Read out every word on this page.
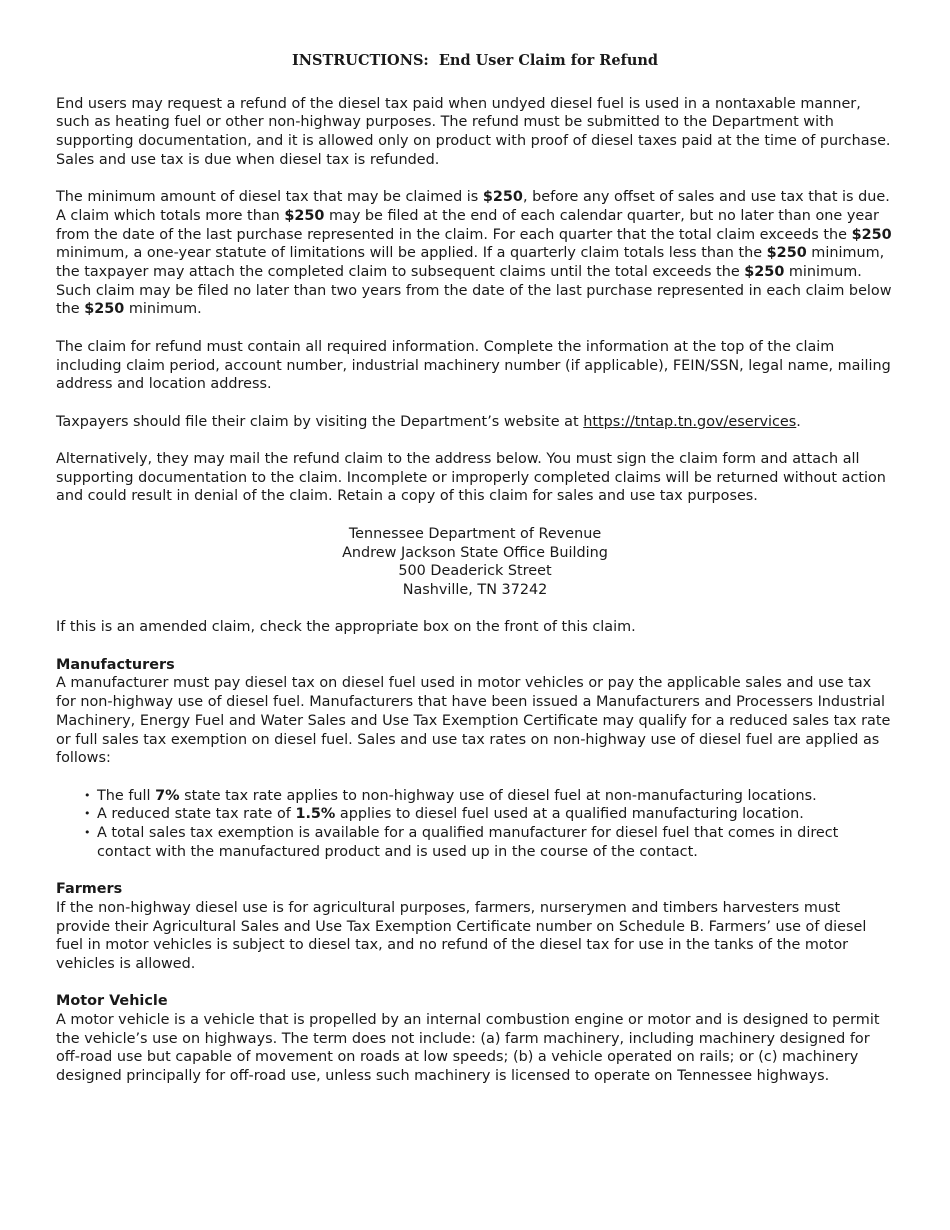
INSTRUCTIONS:  End User Claim for Refund

End users may request a refund of the diesel tax paid when undyed diesel fuel is used in a nontaxable manner, such as heating fuel or other non-highway purposes. The refund must be submitted to the Department with supporting documentation, and it is allowed only on product with proof of diesel taxes paid at the time of purchase. Sales and use tax is due when diesel tax is refunded.

The minimum amount of diesel tax that may be claimed is $250, before any offset of sales and use tax that is due. A claim which totals more than $250 may be filed at the end of each calendar quarter, but no later than one year from the date of the last purchase represented in the claim. For each quarter that the total claim exceeds the $250 minimum, a one-year statute of limitations will be applied. If a quarterly claim totals less than the $250 minimum, the taxpayer may attach the completed claim to subsequent claims until the total exceeds the $250 minimum. Such claim may be filed no later than two years from the date of the last purchase represented in each claim below the $250 minimum.

The claim for refund must contain all required information. Complete the information at the top of the claim including claim period, account number, industrial machinery number (if applicable), FEIN/SSN, legal name, mailing address and location address.

Taxpayers should file their claim by visiting the Department’s website at https://tntap.tn.gov/eservices.

Alternatively, they may mail the refund claim to the address below. You must sign the claim form and attach all supporting documentation to the claim. Incomplete or improperly completed claims will be returned without action and could result in denial of the claim. Retain a copy of this claim for sales and use tax purposes.

Tennessee Department of Revenue
Andrew Jackson State Office Building
500 Deaderick Street
Nashville, TN 37242

If this is an amended claim, check the appropriate box on the front of this claim.

Manufacturers
A manufacturer must pay diesel tax on diesel fuel used in motor vehicles or pay the applicable sales and use tax for non-highway use of diesel fuel. Manufacturers that have been issued a Manufacturers and Processers Industrial Machinery, Energy Fuel and Water Sales and Use Tax Exemption Certificate may qualify for a reduced sales tax rate or full sales tax exemption on diesel fuel. Sales and use tax rates on non-highway use of diesel fuel are applied as follows:

• The full 7% state tax rate applies to non-highway use of diesel fuel at non-manufacturing locations.
• A reduced state tax rate of 1.5% applies to diesel fuel used at a qualified manufacturing location.
• A total sales tax exemption is available for a qualified manufacturer for diesel fuel that comes in direct contact with the manufactured product and is used up in the course of the contact.

Farmers
If the non-highway diesel use is for agricultural purposes, farmers, nurserymen and timbers harvesters must provide their Agricultural Sales and Use Tax Exemption Certificate number on Schedule B. Farmers’ use of diesel fuel in motor vehicles is subject to diesel tax, and no refund of the diesel tax for use in the tanks of the motor vehicles is allowed.

Motor Vehicle
A motor vehicle is a vehicle that is propelled by an internal combustion engine or motor and is designed to permit the vehicle’s use on highways. The term does not include: (a) farm machinery, including machinery designed for off-road use but capable of movement on roads at low speeds; (b) a vehicle operated on rails; or (c) machinery designed principally for off-road use, unless such machinery is licensed to operate on Tennessee highways.
